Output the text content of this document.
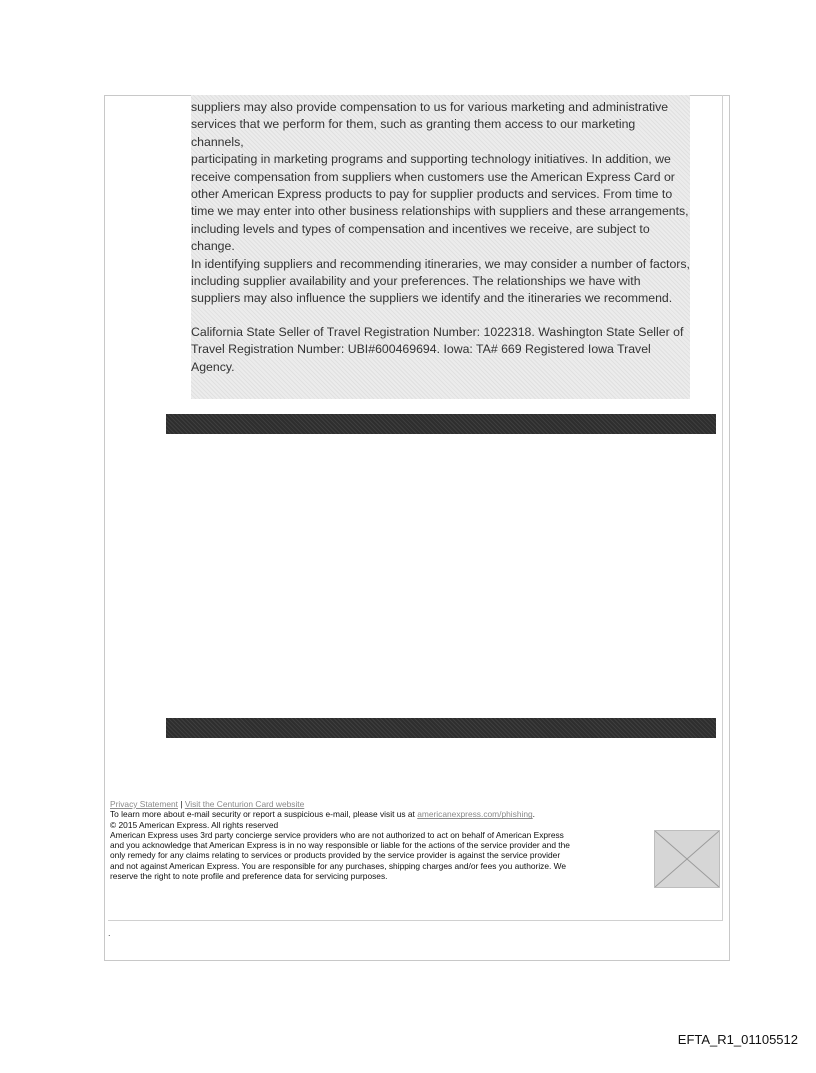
suppliers may also provide compensation to us for various marketing and administrative
services that we perform for them, such as granting them access to our marketing channels,
participating in marketing programs and supporting technology initiatives. In addition, we
receive compensation from suppliers when customers use the American Express Card or
other American Express products to pay for supplier products and services. From time to
time we may enter into other business relationships with suppliers and these arrangements,
including levels and types of compensation and incentives we receive, are subject to change.
In identifying suppliers and recommending itineraries, we may consider a number of factors,
including supplier availability and your preferences. The relationships we have with
suppliers may also influence the suppliers we identify and the itineraries we recommend.

California State Seller of Travel Registration Number: 1022318. Washington State Seller of
Travel Registration Number: UBI#600469694. Iowa: TA# 669 Registered Iowa Travel
Agency.

Privacy Statement | Visit the Centurion Card website
To learn more about e-mail security or report a suspicious e-mail, please visit us at americanexpress.com/phishing.
© 2015 American Express. All rights reserved
American Express uses 3rd party concierge service providers who are not authorized to act on behalf of American Express
and you acknowledge that American Express is in no way responsible or liable for the actions of the service provider and the
only remedy for any claims relating to services or products provided by the service provider is against the service provider
and not against American Express. You are responsible for any purchases, shipping charges and/or fees you authorize. We
reserve the right to note profile and preference data for servicing purposes.
.
EFTA_R1_01105512
